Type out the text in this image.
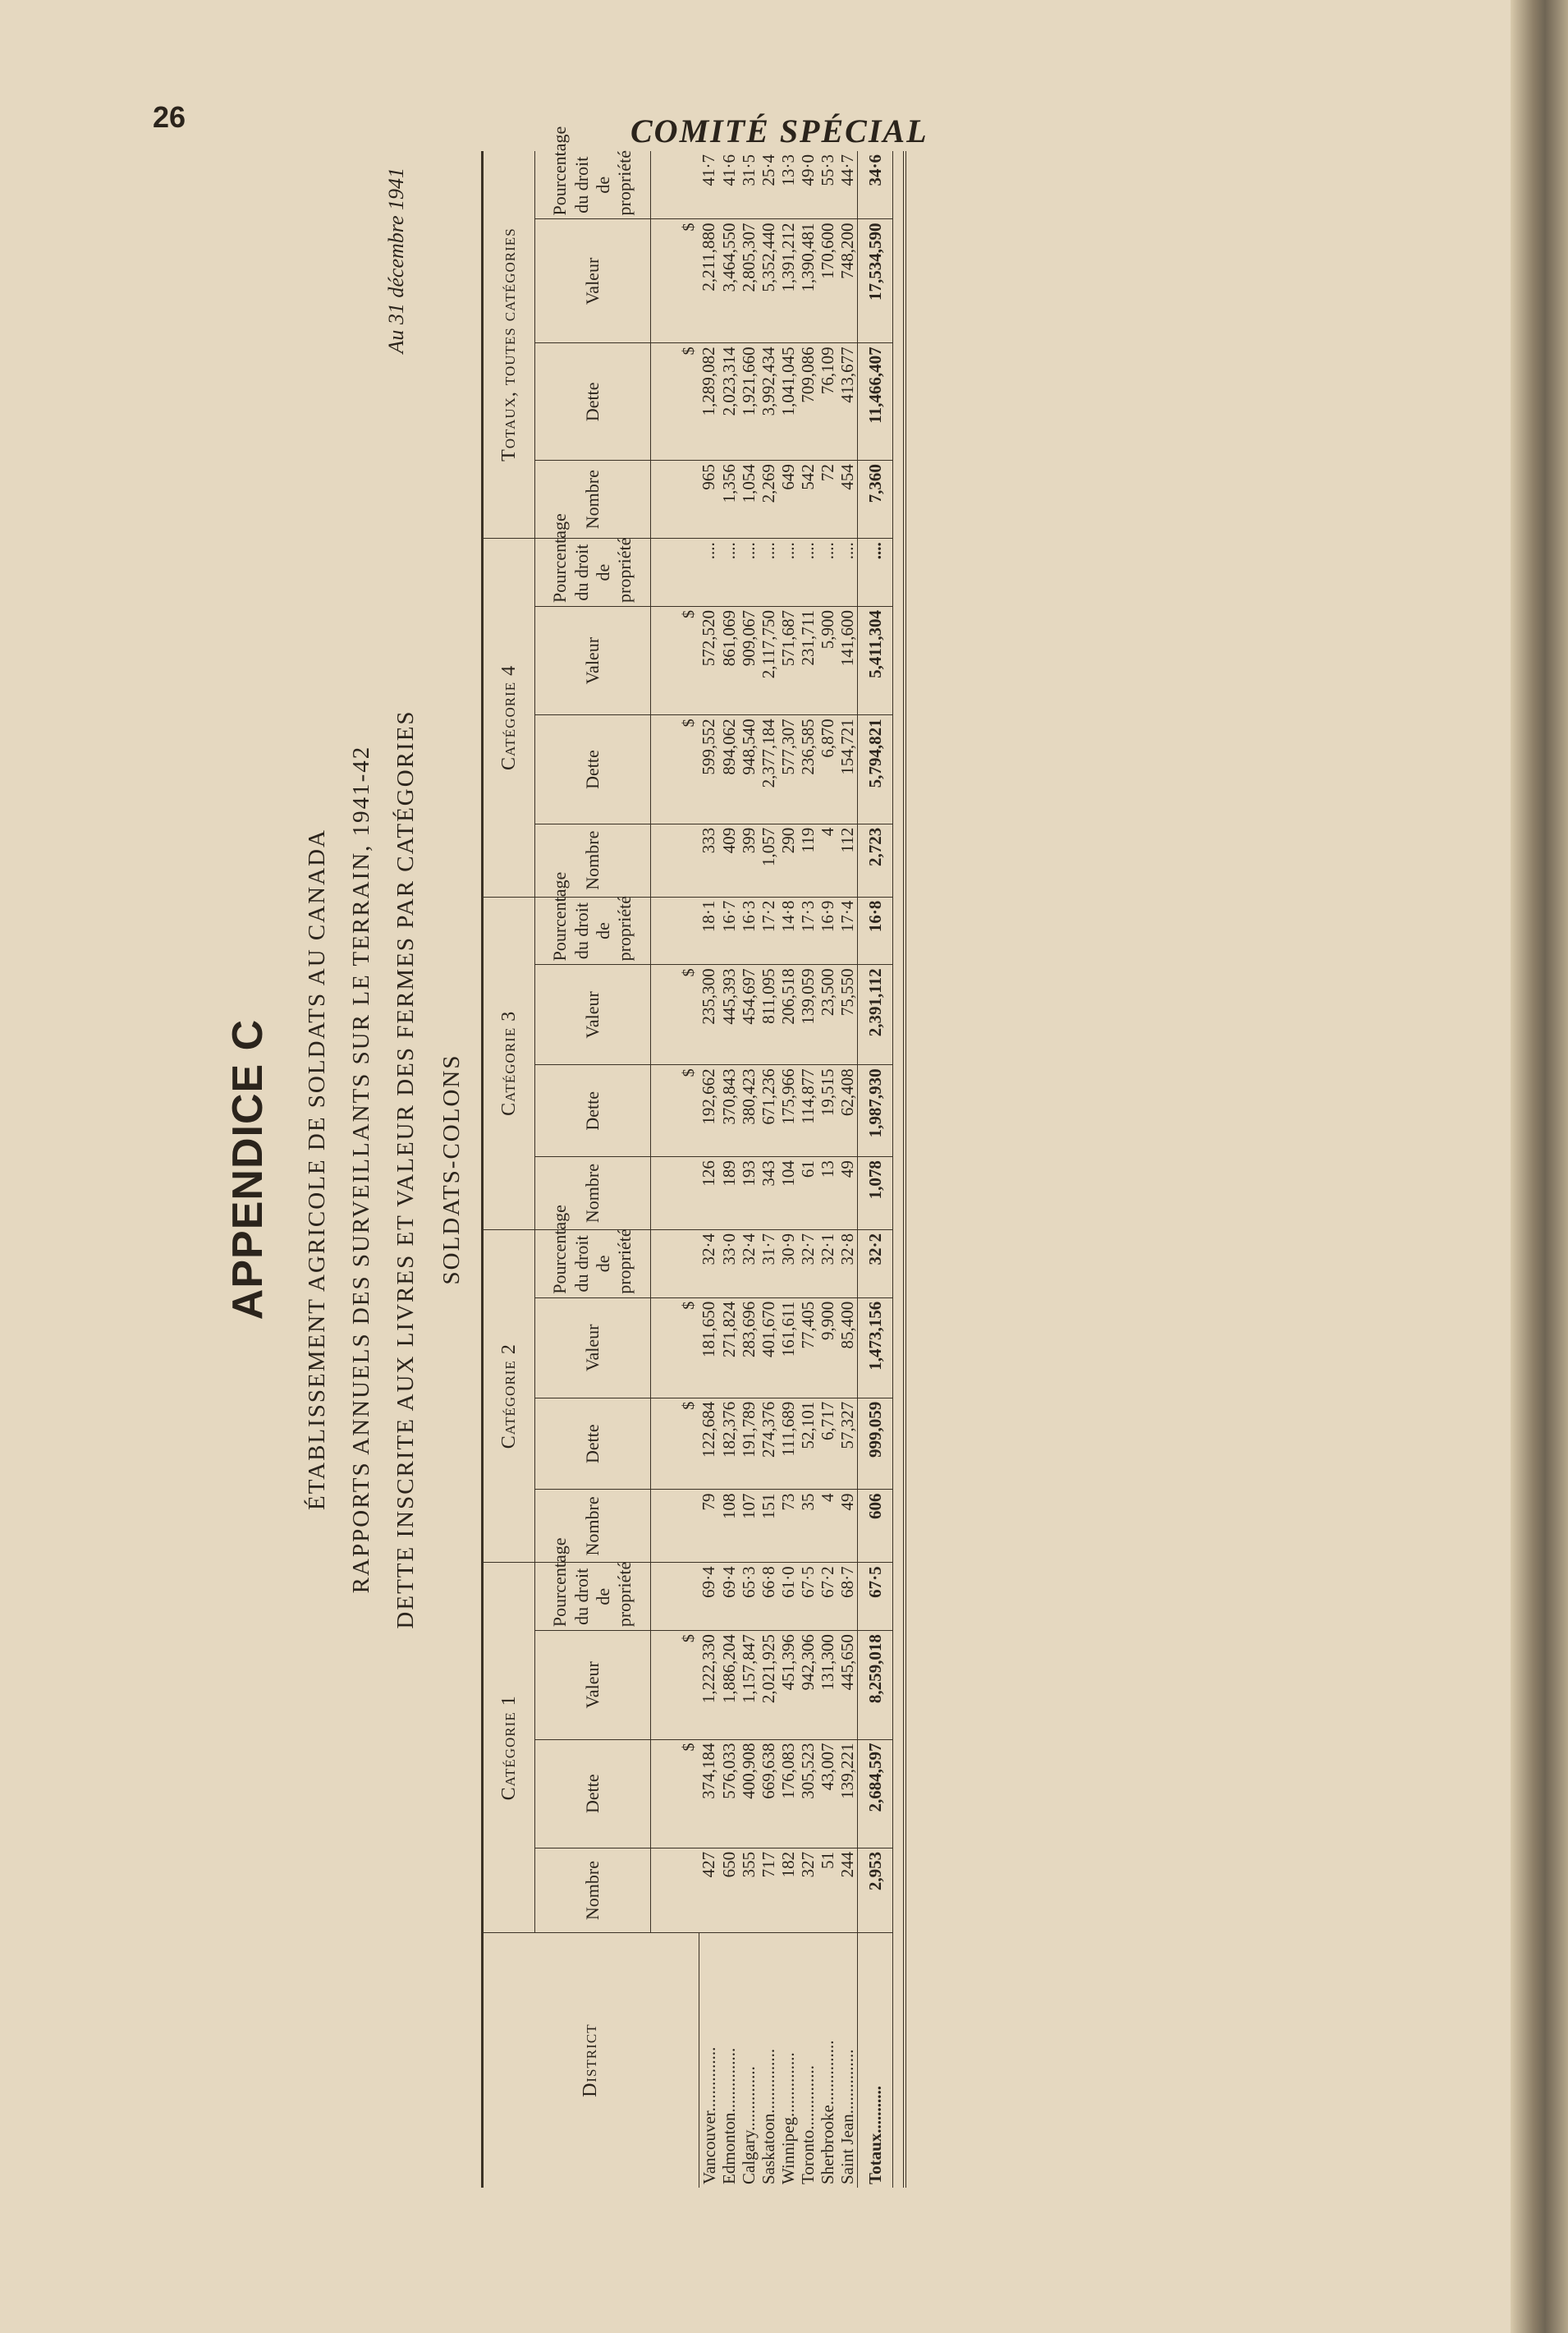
26	COMITÉ SPÉCIAL
APPENDICE C ÉTABLISSEMENT AGRICOLE DE SOLDATS AU CANADA RAPPORTS ANNUELS DES SURVEILLANTS SUR LE TERRAIN, 1941-42 DETTE INSCRITE AUX LIVRES ET VALEUR DES FERMES PAR CATÉGORIES SOLDATS-COLONS
Au 31 décembre 1941
District	Catégorie 1				Catégorie 2				Catégorie 3				Catégorie 4				Totaux, toutes catégories			
	Nombre	Dette	Valeur	Pourcentage du droit de propriété	Nombre	Dette	Valeur	Pourcentage du droit de propriété	Nombre	Dette	Valeur	Pourcentage du droit de propriété	Nombre	Dette	Valeur	Pourcentage du droit de propriété	Nombre	Dette	Valeur	Pourcentage du droit de propriété
		$	$			$	$			$	$			$	$			$	$	
Vancouver...............	427	374,184	1,222,330	69·4	79	122,684	181,650	32·4	126	192,662	235,300	18·1	333	599,552	572,520	....	965	1,289,082	2,211,880	41·7
Edmonton...............	650	576,033	1,886,204	69·4	108	182,376	271,824	33·0	189	370,843	445,393	16·7	409	894,062	861,069	....	1,356	2,023,314	3,464,550	41·6
Calgary...............	355	400,908	1,157,847	65·3	107	191,789	283,696	32·4	193	380,423	454,697	16·3	399	948,540	909,067	....	1,054	1,921,660	2,805,307	31·5
Saskatoon...............	717	669,638	2,021,925	66·8	151	274,376	401,670	31·7	343	671,236	811,095	17·2	1,057	2,377,184	2,117,750	....	2,269	3,992,434	5,352,440	25·4
Winnipeg...............	182	176,083	451,396	61·0	73	111,689	161,611	30·9	104	175,966	206,518	14·8	290	577,307	571,687	....	649	1,041,045	1,391,212	13·3
Toronto...............	327	305,523	942,306	67·5	35	52,101	77,405	32·7	61	114,877	139,059	17·3	119	236,585	231,711	....	542	709,086	1,390,481	49·0
Sherbrooke...............	51	43,007	131,300	67·2	4	6,717	9,900	32·1	13	19,515	23,500	16·9	4	6,870	5,900	....	72	76,109	170,600	55·3
Saint Jean...............	244	139,221	445,650	68·7	49	57,327	85,400	32·8	49	62,408	75,550	17·4	112	154,721	141,600	....	454	413,677	748,200	44·7
Totaux...........	2,953	2,684,597	8,259,018	67·5	606	999,059	1,473,156	32·2	1,078	1,987,930	2,391,112	16·8	2,723	5,794,821	5,411,304	....	7,360	11,466,407	17,534,590	34·6
